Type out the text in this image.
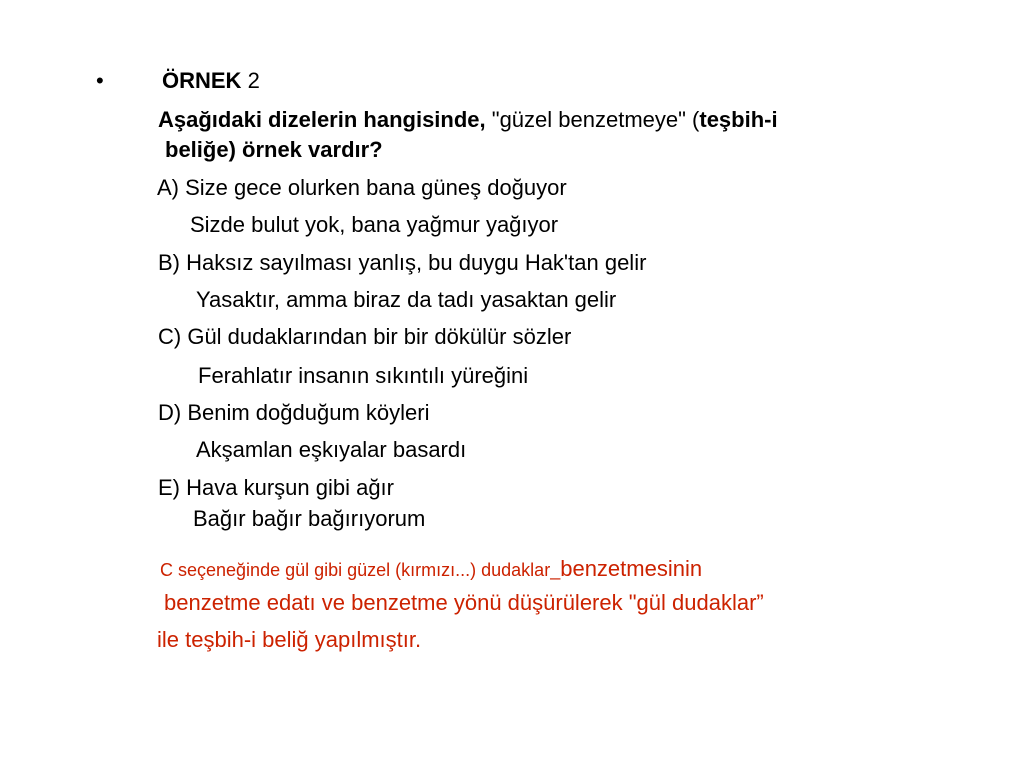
•	ÖRNEK 2
Aşağıdaki dizelerin hangisinde, "güzel benzetmeye" (teşbih-i
beliğe) örnek vardır?
A) Size gece olurken bana güneş doğuyor
Sizde bulut yok, bana yağmur yağıyor
B) Haksız sayılması yanlış, bu duygu Hak'tan gelir
Yasaktır, amma biraz da tadı yasaktan gelir
C) Gül dudaklarından bir bir dökülür sözler
Ferahlatır insanın sıkıntılı yüreğini
D) Benim doğduğum köyleri
Akşamlan eşkıyalar basardı
E) Hava kurşun gibi ağır
Bağır bağır bağırıyorum
C seçeneğinde gül gibi güzel (kırmızı...) dudaklar_benzetmesinin
benzetme edatı ve benzetme yönü düşürülerek "gül dudaklar”
ile teşbih-i beliğ yapılmıştır.
